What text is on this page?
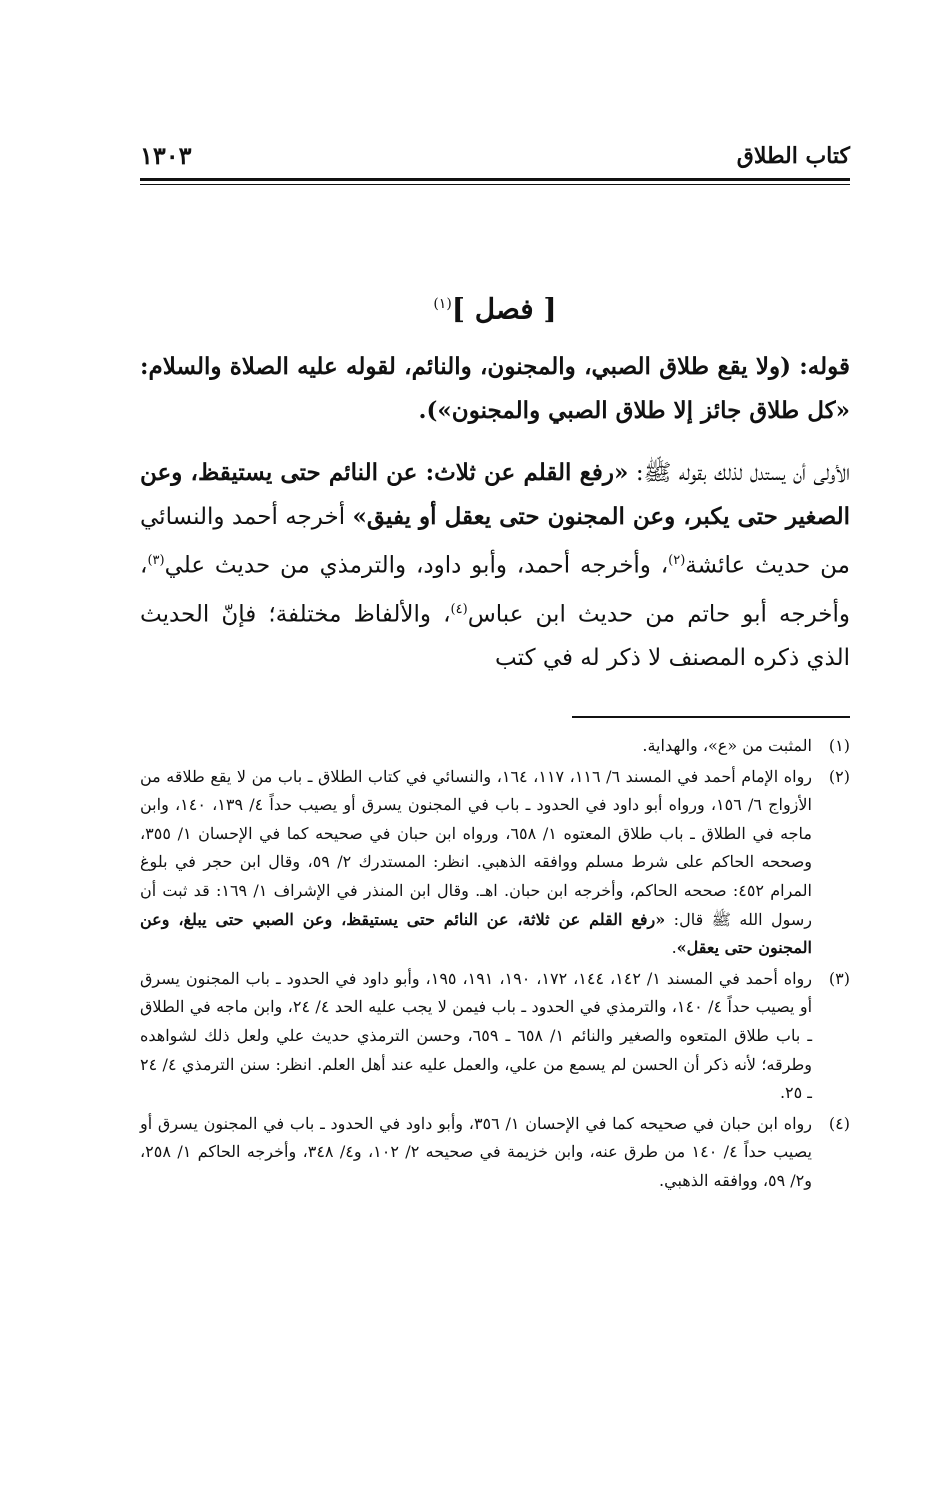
كتاب الطلاق
١٣٠٣
[ فصل ]$^{(١)}$

قوله: (ولا يقع طلاق الصبي، والمجنون، والنائم، لقوله عليه الصلاة والسلام: «كل طلاق جائز إلا طلاق الصبي والمجنون»).

الأولى أن يستدل لذلك بقوله ﷺ: «رفع القلم عن ثلاث: عن النائم حتى يستيقظ، وعن الصغير حتى يكبر، وعن المجنون حتى يعقل أو يفيق» أخرجه أحمد والنسائي من حديث عائشة$^{(٢)}$، وأخرجه أحمد، وأبو داود، والترمذي من حديث علي$^{(٣)}$، وأخرجه أبو حاتم من حديث ابن عباس$^{(٤)}$، والألفاظ مختلفة؛ فإنّ الحديث الذي ذكره المصنف لا ذكر له في كتب

(١)
المثبت من «ع»، والهداية.
(٢)
رواه الإمام أحمد في المسند ٦/ ١١٦، ١١٧، ١٦٤، والنسائي في كتاب الطلاق ـ باب من لا يقع طلاقه من الأزواج ٦/ ١٥٦، ورواه أبو داود في الحدود ـ باب في المجنون يسرق أو يصيب حداً ٤/ ١٣٩، ١٤٠، وابن ماجه في الطلاق ـ باب طلاق المعتوه ١/ ٦٥٨، ورواه ابن حبان في صحيحه كما في الإحسان ١/ ٣٥٥، وصححه الحاكم على شرط مسلم ووافقه الذهبي. انظر: المستدرك ٢/ ٥٩، وقال ابن حجر في بلوغ المرام ٤٥٢: صححه الحاكم، وأخرجه ابن حبان. اهـ. وقال ابن المنذر في الإشراف ١/ ١٦٩: قد ثبت أن رسول الله ﷺ قال: «رفع القلم عن ثلاثة، عن النائم حتى يستيقظ، وعن الصبي حتى يبلغ، وعن المجنون حتى يعقل».
(٣)
رواه أحمد في المسند ١/ ١٤٢، ١٤٤، ١٧٢، ١٩٠، ١٩١، ١٩٥، وأبو داود في الحدود ـ باب المجنون يسرق أو يصيب حداً ٤/ ١٤٠، والترمذي في الحدود ـ باب فيمن لا يجب عليه الحد ٤/ ٢٤، وابن ماجه في الطلاق ـ باب طلاق المتعوه والصغير والنائم ١/ ٦٥٨ ـ ٦٥٩، وحسن الترمذي حديث علي ولعل ذلك لشواهده وطرقه؛ لأنه ذكر أن الحسن لم يسمع من علي، والعمل عليه عند أهل العلم. انظر: سنن الترمذي ٤/ ٢٤ ـ ٢٥.
(٤)
رواه ابن حبان في صحيحه كما في الإحسان ١/ ٣٥٦، وأبو داود في الحدود ـ باب في المجنون يسرق أو يصيب حداً ٤/ ١٤٠ من طرق عنه، وابن خزيمة في صحيحه ٢/ ١٠٢، و٤/ ٣٤٨، وأخرجه الحاكم ١/ ٢٥٨، و٢/ ٥٩، ووافقه الذهبي.
